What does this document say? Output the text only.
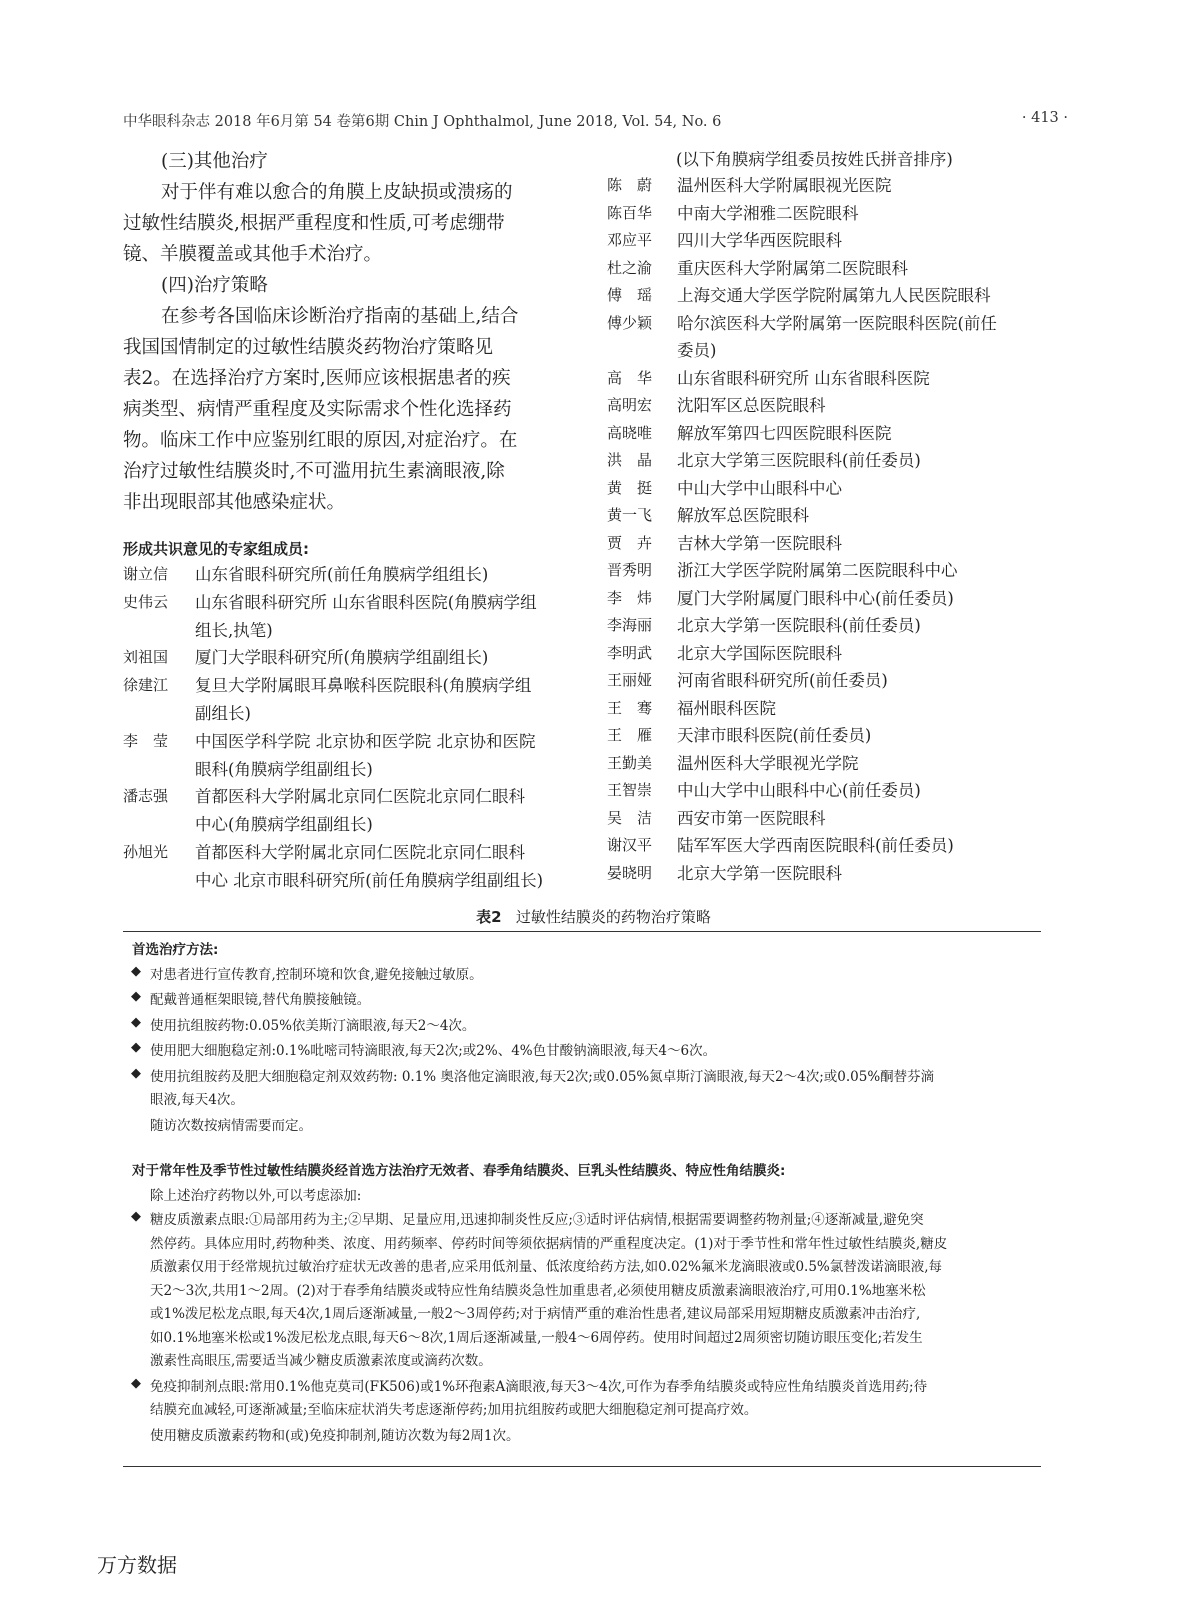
中华眼科杂志 2018 年6月第 54 卷第6期 Chin J Ophthalmol, June 2018, Vol. 54, No. 6	· 413 ·
(三)其他治疗
对于伴有难以愈合的角膜上皮缺损或溃疡的
过敏性结膜炎,根据严重程度和性质,可考虑绷带
镜、羊膜覆盖或其他手术治疗。
(四)治疗策略
在参考各国临床诊断治疗指南的基础上,结合
我国国情制定的过敏性结膜炎药物治疗策略见
表2。在选择治疗方案时,医师应该根据患者的疾
病类型、病情严重程度及实际需求个性化选择药
物。临床工作中应鉴别红眼的原因,对症治疗。在
治疗过敏性结膜炎时,不可滥用抗生素滴眼液,除
非出现眼部其他感染症状。
形成共识意见的专家组成员:
谢立信	山东省眼科研究所(前任角膜病学组组长)
史伟云	山东省眼科研究所 山东省眼科医院(角膜病学组
组长,执笔)
刘祖国	厦门大学眼科研究所(角膜病学组副组长)
徐建江	复旦大学附属眼耳鼻喉科医院眼科(角膜病学组
副组长)
李　莹	中国医学科学院 北京协和医学院 北京协和医院
眼科(角膜病学组副组长)
潘志强	首都医科大学附属北京同仁医院北京同仁眼科
中心(角膜病学组副组长)
孙旭光	首都医科大学附属北京同仁医院北京同仁眼科
中心 北京市眼科研究所(前任角膜病学组副组长)
(以下角膜病学组委员按姓氏拼音排序)
陈　蔚	温州医科大学附属眼视光医院
陈百华	中南大学湘雅二医院眼科
邓应平	四川大学华西医院眼科
杜之渝	重庆医科大学附属第二医院眼科
傅　瑶	上海交通大学医学院附属第九人民医院眼科
傅少颖	哈尔滨医科大学附属第一医院眼科医院(前任
委员)
高　华	山东省眼科研究所 山东省眼科医院
高明宏	沈阳军区总医院眼科
高晓唯	解放军第四七四医院眼科医院
洪　晶	北京大学第三医院眼科(前任委员)
黄　挺	中山大学中山眼科中心
黄一飞	解放军总医院眼科
贾　卉	吉林大学第一医院眼科
晋秀明	浙江大学医学院附属第二医院眼科中心
李　炜	厦门大学附属厦门眼科中心(前任委员)
李海丽	北京大学第一医院眼科(前任委员)
李明武	北京大学国际医院眼科
王丽娅	河南省眼科研究所(前任委员)
王　骞	福州眼科医院
王　雁	天津市眼科医院(前任委员)
王勤美	温州医科大学眼视光学院
王智崇	中山大学中山眼科中心(前任委员)
吴　洁	西安市第一医院眼科
谢汉平	陆军军医大学西南医院眼科(前任委员)
晏晓明	北京大学第一医院眼科
表2 过敏性结膜炎的药物治疗策略
首选治疗方法:
◆ 对患者进行宣传教育,控制环境和饮食,避免接触过敏原。
◆ 配戴普通框架眼镜,替代角膜接触镜。
◆ 使用抗组胺药物:0.05%依美斯汀滴眼液,每天2～4次。
◆ 使用肥大细胞稳定剂:0.1%吡嘧司特滴眼液,每天2次;或2%、4%色甘酸钠滴眼液,每天4～6次。
◆ 使用抗组胺药及肥大细胞稳定剂双效药物: 0.1% 奥洛他定滴眼液,每天2次;或0.05%氮卓斯汀滴眼液,每天2～4次;或0.05%酮替芬滴
眼液,每天4次。
随访次数按病情需要而定。
对于常年性及季节性过敏性结膜炎经首选方法治疗无效者、春季角结膜炎、巨乳头性结膜炎、特应性角结膜炎:
除上述治疗药物以外,可以考虑添加:
◆ 糖皮质激素点眼:①局部用药为主;②早期、足量应用,迅速抑制炎性反应;③适时评估病情,根据需要调整药物剂量;④逐渐减量,避免突
然停药。具体应用时,药物种类、浓度、用药频率、停药时间等须依据病情的严重程度决定。(1)对于季节性和常年性过敏性结膜炎,糖皮
质激素仅用于经常规抗过敏治疗症状无改善的患者,应采用低剂量、低浓度给药方法,如0.02%氟米龙滴眼液或0.5%氯替泼诺滴眼液,每
天2～3次,共用1～2周。(2)对于春季角结膜炎或特应性角结膜炎急性加重患者,必须使用糖皮质激素滴眼液治疗,可用0.1%地塞米松
或1%泼尼松龙点眼,每天4次,1周后逐渐减量,一般2～3周停药;对于病情严重的难治性患者,建议局部采用短期糖皮质激素冲击治疗,
如0.1%地塞米松或1%泼尼松龙点眼,每天6～8次,1周后逐渐减量,一般4～6周停药。使用时间超过2周须密切随访眼压变化;若发生
激素性高眼压,需要适当减少糖皮质激素浓度或滴药次数。
◆ 免疫抑制剂点眼:常用0.1%他克莫司(FK506)或1%环孢素A滴眼液,每天3～4次,可作为春季角结膜炎或特应性角结膜炎首选用药;待
结膜充血减轻,可逐渐减量;至临床症状消失考虑逐渐停药;加用抗组胺药或肥大细胞稳定剂可提高疗效。
使用糖皮质激素药物和(或)免疫抑制剂,随访次数为每2周1次。
万方数据
